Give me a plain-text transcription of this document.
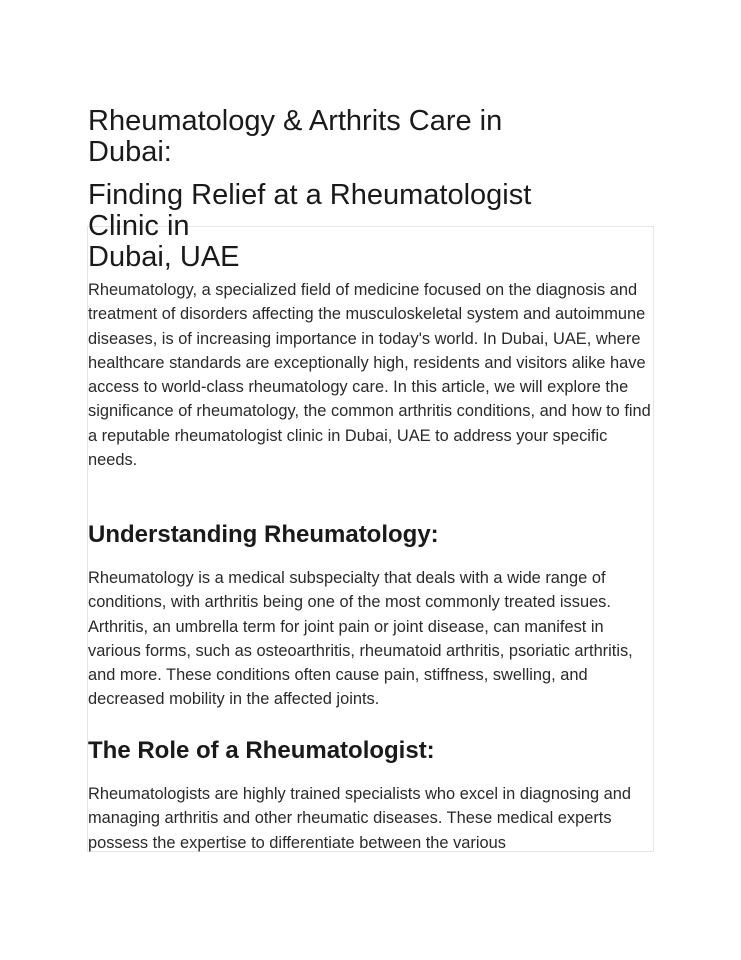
Rheumatology & Arthrits Care in Dubai:
Finding Relief at a Rheumatologist Clinic in
Dubai, UAE

Rheumatology, a specialized field of medicine focused on the diagnosis and treatment of disorders affecting the musculoskeletal system and autoimmune diseases, is of increasing importance in today's world. In Dubai, UAE, where healthcare standards are exceptionally high, residents and visitors alike have access to world-class rheumatology care. In this article, we will explore the significance of rheumatology, the common arthritis conditions, and how to find a reputable rheumatologist clinic in Dubai, UAE to address your specific needs.

Understanding Rheumatology:

Rheumatology is a medical subspecialty that deals with a wide range of conditions, with arthritis being one of the most commonly treated issues. Arthritis, an umbrella term for joint pain or joint disease, can manifest in various forms, such as osteoarthritis, rheumatoid arthritis, psoriatic arthritis, and more. These conditions often cause pain, stiffness, swelling, and decreased mobility in the affected joints.

The Role of a Rheumatologist:

Rheumatologists are highly trained specialists who excel in diagnosing and managing arthritis and other rheumatic diseases. These medical experts possess the expertise to differentiate between the various
